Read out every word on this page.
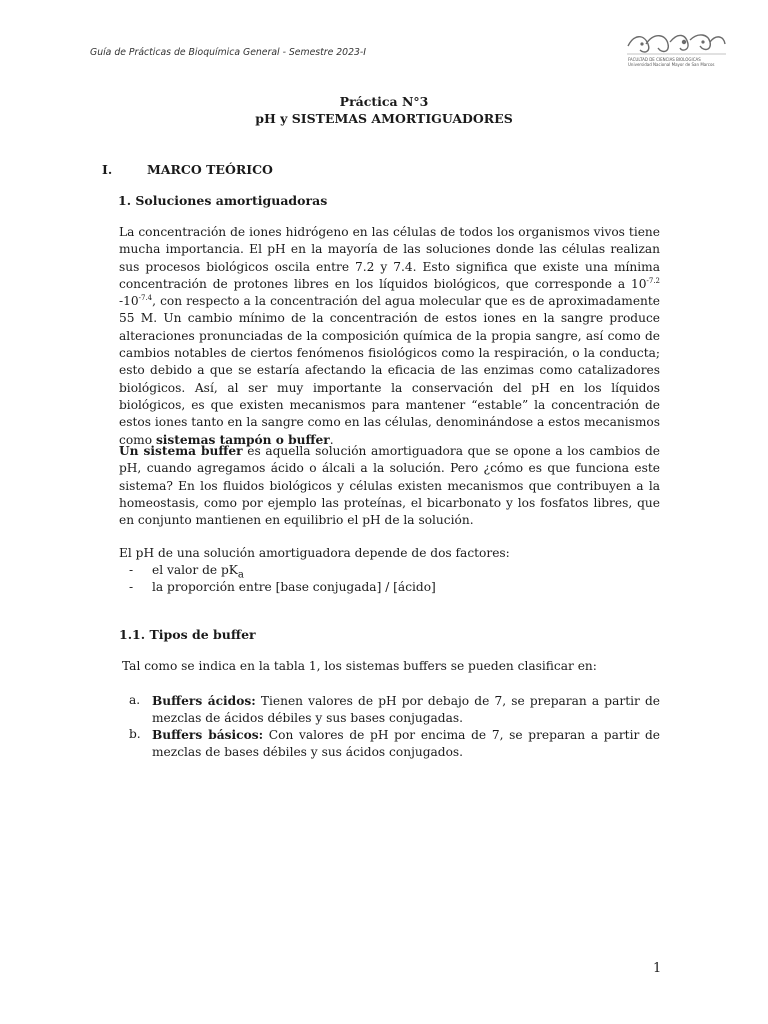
Guía de Prácticas de Bioquímica General - Semestre 2023-I
FACULTAD DE CIENCIAS BIOLÓGICAS
Universidad Nacional Mayor de San Marcos
Práctica N°3
pH y SISTEMAS AMORTIGUADORES
I.	MARCO TEÓRICO
1. Soluciones amortiguadoras

La concentración de iones hidrógeno en las células de todos los organismos vivos tiene mucha importancia. El pH en la mayoría de las soluciones donde las células realizan sus procesos biológicos oscila entre 7.2 y 7.4. Esto significa que existe una mínima concentración de protones libres en los líquidos biológicos, que corresponde a $10^{-7.2}$ $-10^{-7.4}$, con respecto a la concentración del agua molecular que es de aproximadamente 55 M. Un cambio mínimo de la concentración de estos iones en la sangre produce alteraciones pronunciadas de la composición química de la propia sangre, así como de cambios notables de ciertos fenómenos fisiológicos como la respiración, o la conducta; esto debido a que se estaría afectando la eficacia de las enzimas como catalizadores biológicos. Así, al ser muy importante la conservación del pH en los líquidos biológicos, es que existen mecanismos para mantener “estable” la concentración de estos iones tanto en la sangre como en las células, denominándose a estos mecanismos como sistemas tampón o buffer.

Un sistema buffer es aquella solución amortiguadora que se opone a los cambios de pH, cuando agregamos ácido o álcali a la solución. Pero ¿cómo es que funciona este sistema? En los fluidos biológicos y células existen mecanismos que contribuyen a la homeostasis, como por ejemplo las proteínas, el bicarbonato y los fosfatos libres, que en conjunto mantienen en equilibrio el pH de la solución.

El pH de una solución amortiguadora depende de dos factores:

- el valor de $pK_a$
- la proporción entre [base conjugada] / [ácido]
1.1. Tipos de buffer

Tal como se indica en la tabla 1, los sistemas buffers se pueden clasificar en:

a. Buffers ácidos: Tienen valores de pH por debajo de 7, se preparan a partir de mezclas de ácidos débiles y sus bases conjugadas.
b. Buffers básicos: Con valores de pH por encima de 7, se preparan a partir de mezclas de bases débiles y sus ácidos conjugados.
1
